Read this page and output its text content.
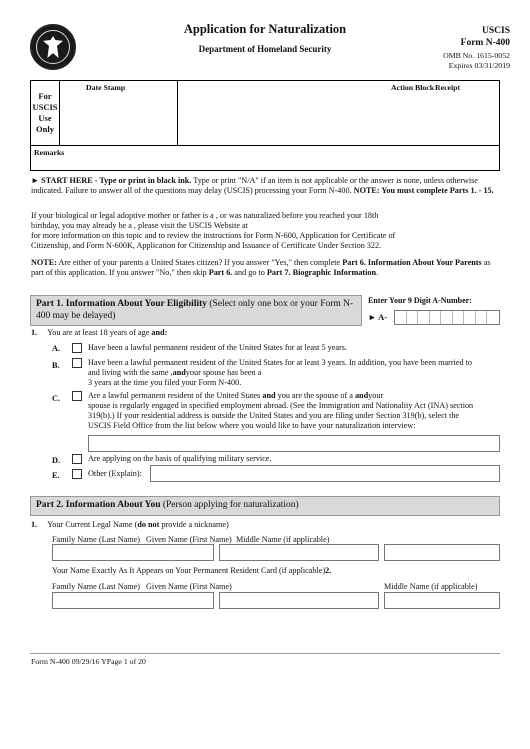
Application for Naturalization
Department of Homeland Security
USCIS
Form N-400
OMB No. 1615-0052
Expires 03/31/2019
For
USCIS
Use
Only
Date Stamp	Action Block Receipt
Remarks
► START HERE - Type or print in black ink. Type or print "N/A" if an item is not applicable or the answer is none, unless otherwise indicated. Failure to answer all of the questions may delay (USCIS) processing your Form N-400. NOTE: You must complete Parts 1. - 15.
If your biological or legal adoptive mother or father is a , or was naturalized before you reached your 18th
birthday, you may already be a , please visit the USCIS Website at
for more information on this topic and to review the instructions for Form N-600, Application for Certificate of
Citizenship, and Form N-600K, Application for Citizenship and Issuance of Certificate Under Section 322.
NOTE: Are either of your parents a United States citizen? If you answer "Yes," then complete Part 6. Information About Your Parents as part of this application. If you answer "No," then skip Part 6. and go to Part 7. Biographic Information.
Part 1. Information About Your Eligibility (Select only one box or your Form N-400 may be delayed)
Enter Your 9 Digit A-Number:
► A-
1. You are at least 18 years of age and:
A.	Have been a lawful permanent resident of the United States for at least 5 years.
B.	Have been a lawful permanent resident of the United States for at least 3 years. In addition, you have been married to
and living with the same ,andyour spouse has been a
3 years at the time you filed your Form N-400.
C.	Are a lawful permanent resident of the United States and you are the spouse of a andyour
spouse is regularly engaged in specified employment abroad. (See the Immigration and Nationality Act (INA) section
319(b).) If your residential address is outside the United States and you are filing under Section 319(b), select the
USCIS Field Office from the list below where you would like to have your naturalization interview:
D.	Are applying on the basis of qualifying military service.
E.	Other (Explain):
Part 2. Information About You (Person applying for naturalization)
1. Your Current Legal Name (do not provide a nickname)
Family Name (Last Name) Given Name (First Name) Middle Name (if applicable)
Your Name Exactly As It Appears on Your Permanent Resident Card (if applicable)2.
Family Name (Last Name) Given Name (First Name)	Middle Name (if applicable)
Form N-400 09/29/16 YPage 1 of 20
